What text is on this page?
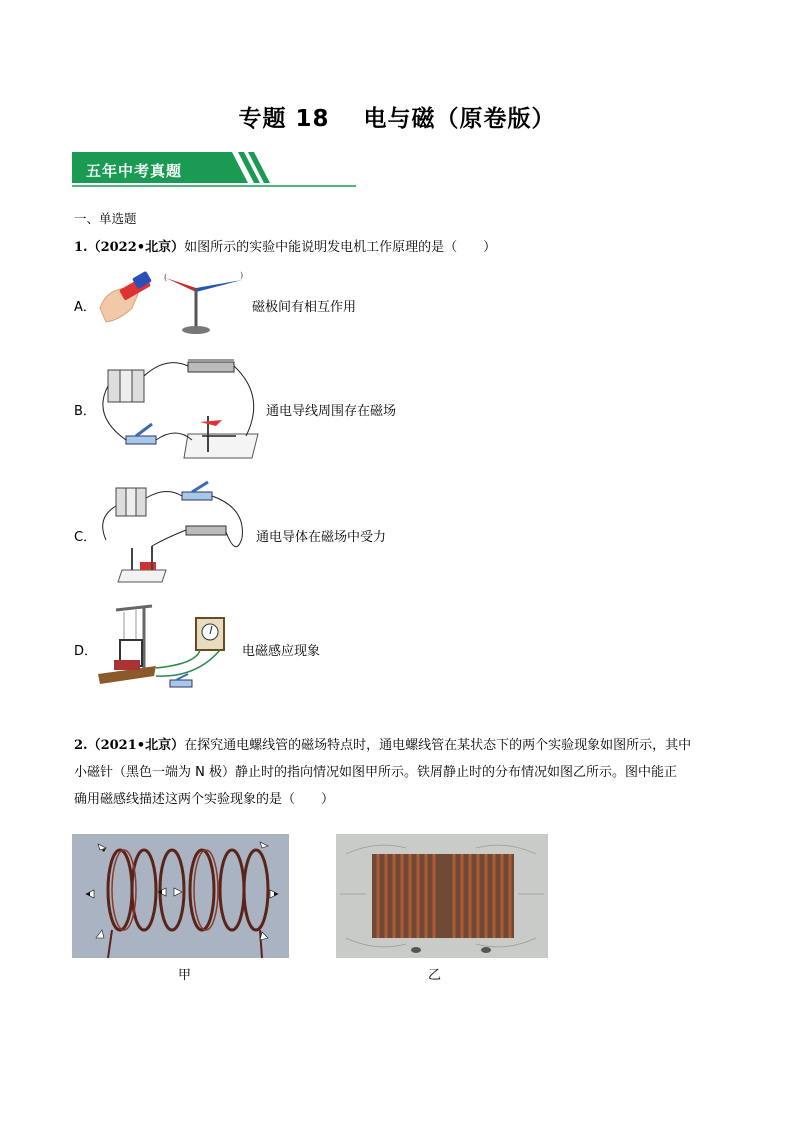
专题 18 电与磁（原卷版）
五年中考真题
一、单选题
1.（2022•北京）如图所示的实验中能说明发电机工作原理的是（　　）
A．
(	)
磁极间有相互作用
B．	通电导线周围存在磁场
C．	通电导体在磁场中受力
D．	电磁感应现象
2.（2021•北京）在探究通电螺线管的磁场特点时，通电螺线管在某状态下的两个实验现象如图所示，其中
小磁针（黑色一端为 N 极）静止时的指向情况如图甲所示。铁屑静止时的分布情况如图乙所示。图中能正
确用磁感线描述这两个实验现象的是（　　）
甲	乙
